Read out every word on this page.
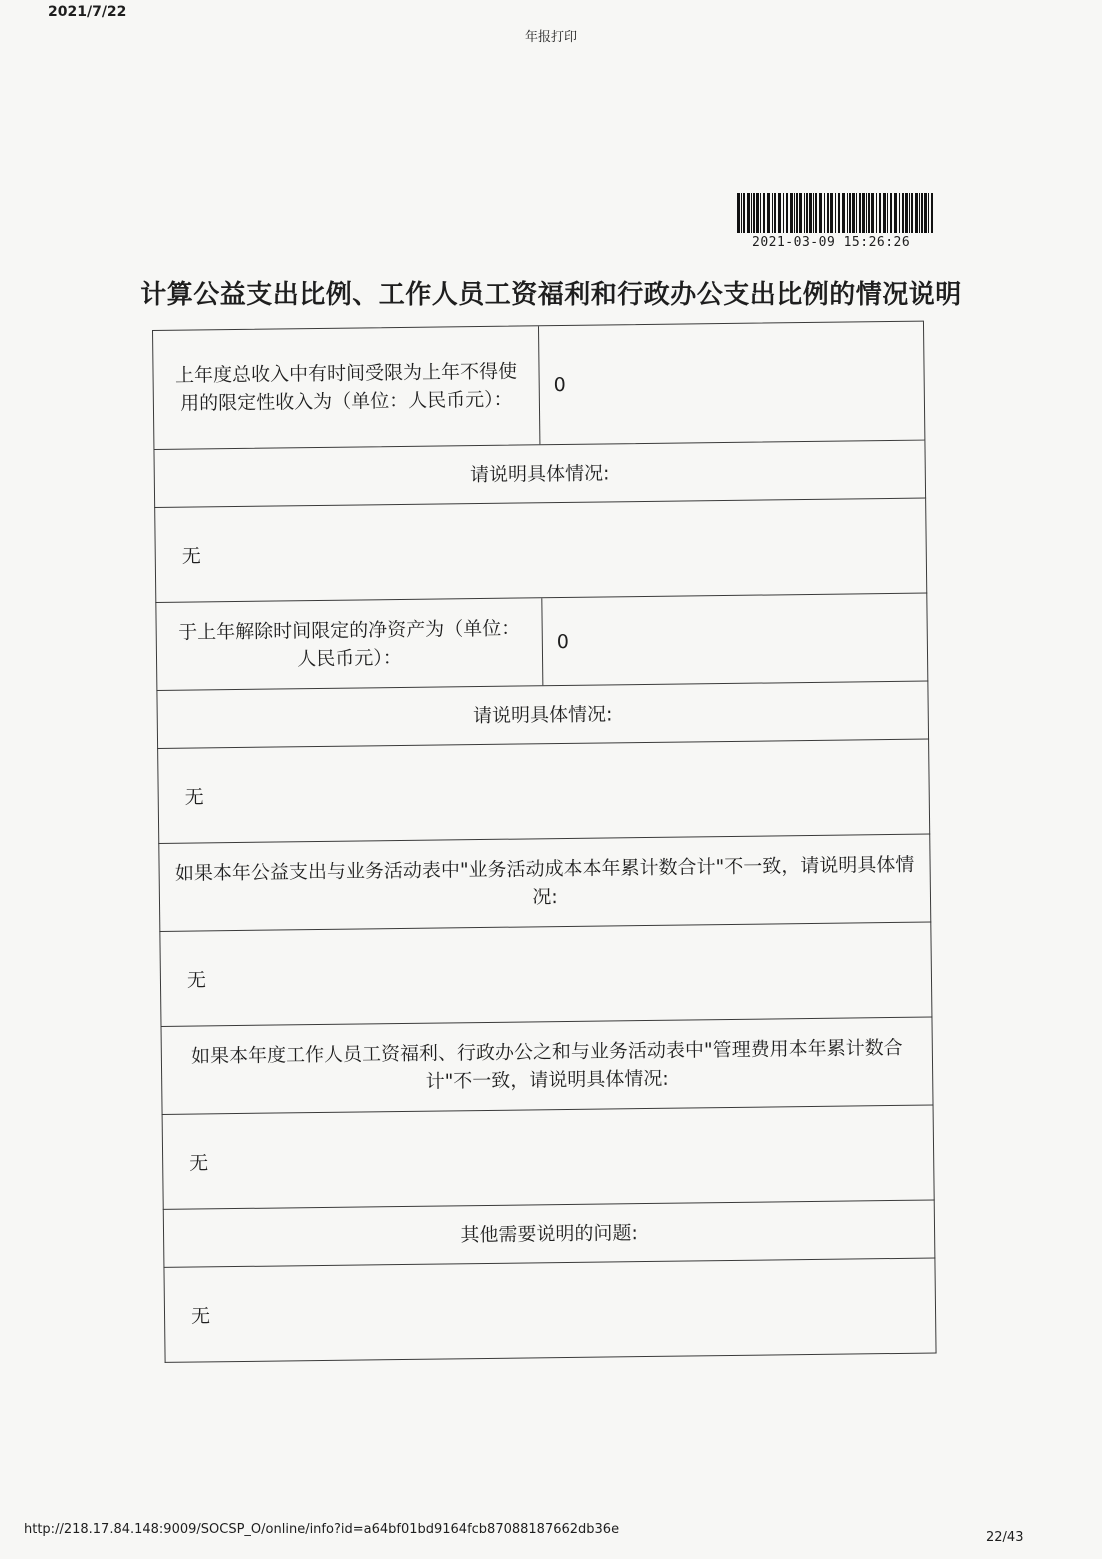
2021/7/22
年报打印
2021-03-09 15:26:26
计算公益支出比例、工作人员工资福利和行政办公支出比例的情况说明
上年度总收入中有时间受限为上年不得使用的限定性收入为（单位：人民币元）：
0
请说明具体情况:
无
于上年解除时间限定的净资产为（单位：人民币元）：
0
请说明具体情况:
无
如果本年公益支出与业务活动表中"业务活动成本本年累计数合计"不一致，请说明具体情况:
无
如果本年度工作人员工资福利、行政办公之和与业务活动表中"管理费用本年累计数合计"不一致，请说明具体情况:
无
其他需要说明的问题:
无
http://218.17.84.148:9009/SOCSP_O/online/info?id=a64bf01bd9164fcb87088187662db36e
22/43
